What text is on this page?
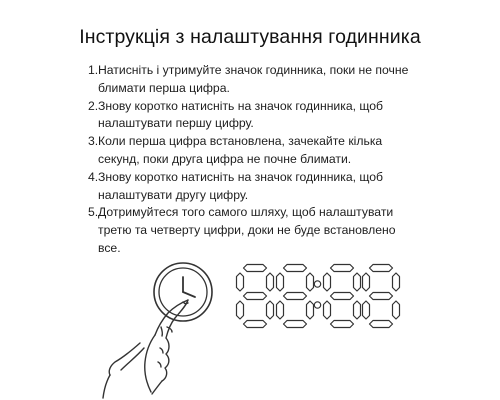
Інструкція з налаштування годинника
1. Натисніть і утримуйте значок годинника, поки не почне блимати перша цифра.
2. Знову коротко натисніть на значок годинника, щоб налаштувати першу цифру.
3. Коли перша цифра встановлена, зачекайте кілька секунд, поки друга цифра не почне блимати.
4. Знову коротко натисніть на значок годинника, щоб налаштувати другу цифру.
5. Дотримуйтеся того самого шляху, щоб налаштувати третю та четверту цифри, доки не буде встановлено все.
